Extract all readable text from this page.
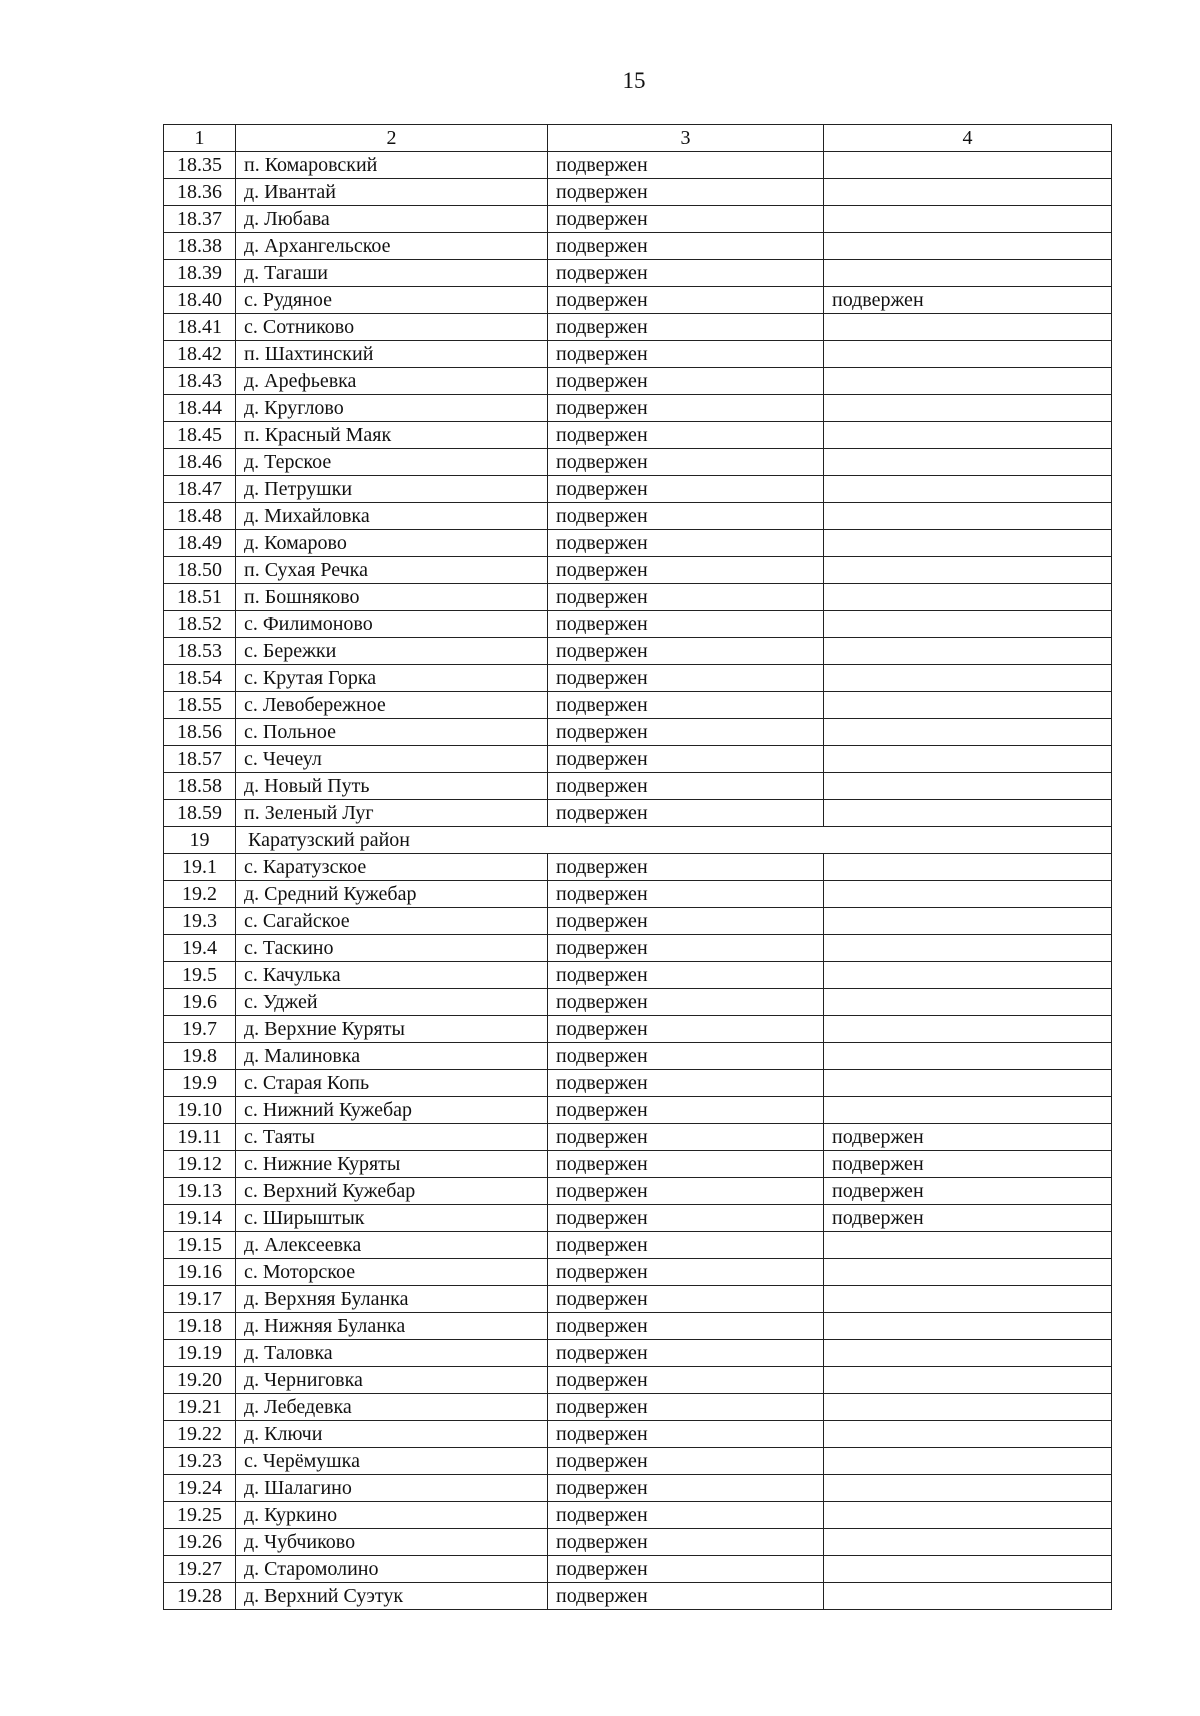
15
1	2	3	4
18.35	п. Комаровский	подвержен	
18.36	д. Ивантай	подвержен	
18.37	д. Любава	подвержен	
18.38	д. Архангельское	подвержен	
18.39	д. Тагаши	подвержен	
18.40	с. Рудяное	подвержен	подвержен
18.41	с. Сотниково	подвержен	
18.42	п. Шахтинский	подвержен	
18.43	д. Арефьевка	подвержен	
18.44	д. Круглово	подвержен	
18.45	п. Красный Маяк	подвержен	
18.46	д. Терское	подвержен	
18.47	д. Петрушки	подвержен	
18.48	д. Михайловка	подвержен	
18.49	д. Комарово	подвержен	
18.50	п. Сухая Речка	подвержен	
18.51	п. Бошняково	подвержен	
18.52	с. Филимоново	подвержен	
18.53	с. Бережки	подвержен	
18.54	с. Крутая Горка	подвержен	
18.55	с. Левобережное	подвержен	
18.56	с. Польное	подвержен	
18.57	с. Чечеул	подвержен	
18.58	д. Новый Путь	подвержен	
18.59	п. Зеленый Луг	подвержен	
19	Каратузский район		
19.1	с. Каратузское	подвержен	
19.2	д. Средний Кужебар	подвержен	
19.3	с. Сагайское	подвержен	
19.4	с. Таскино	подвержен	
19.5	с. Качулька	подвержен	
19.6	с. Уджей	подвержен	
19.7	д. Верхние Куряты	подвержен	
19.8	д. Малиновка	подвержен	
19.9	с. Старая Копь	подвержен	
19.10	с. Нижний Кужебар	подвержен	
19.11	с. Таяты	подвержен	подвержен
19.12	с. Нижние Куряты	подвержен	подвержен
19.13	с. Верхний Кужебар	подвержен	подвержен
19.14	с. Ширыштык	подвержен	подвержен
19.15	д. Алексеевка	подвержен	
19.16	с. Моторское	подвержен	
19.17	д. Верхняя Буланка	подвержен	
19.18	д. Нижняя Буланка	подвержен	
19.19	д. Таловка	подвержен	
19.20	д. Черниговка	подвержен	
19.21	д. Лебедевка	подвержен	
19.22	д. Ключи	подвержен	
19.23	с. Черёмушка	подвержен	
19.24	д. Шалагино	подвержен	
19.25	д. Куркино	подвержен	
19.26	д. Чубчиково	подвержен	
19.27	д. Старомолино	подвержен	
19.28	д. Верхний Суэтук	подвержен	
